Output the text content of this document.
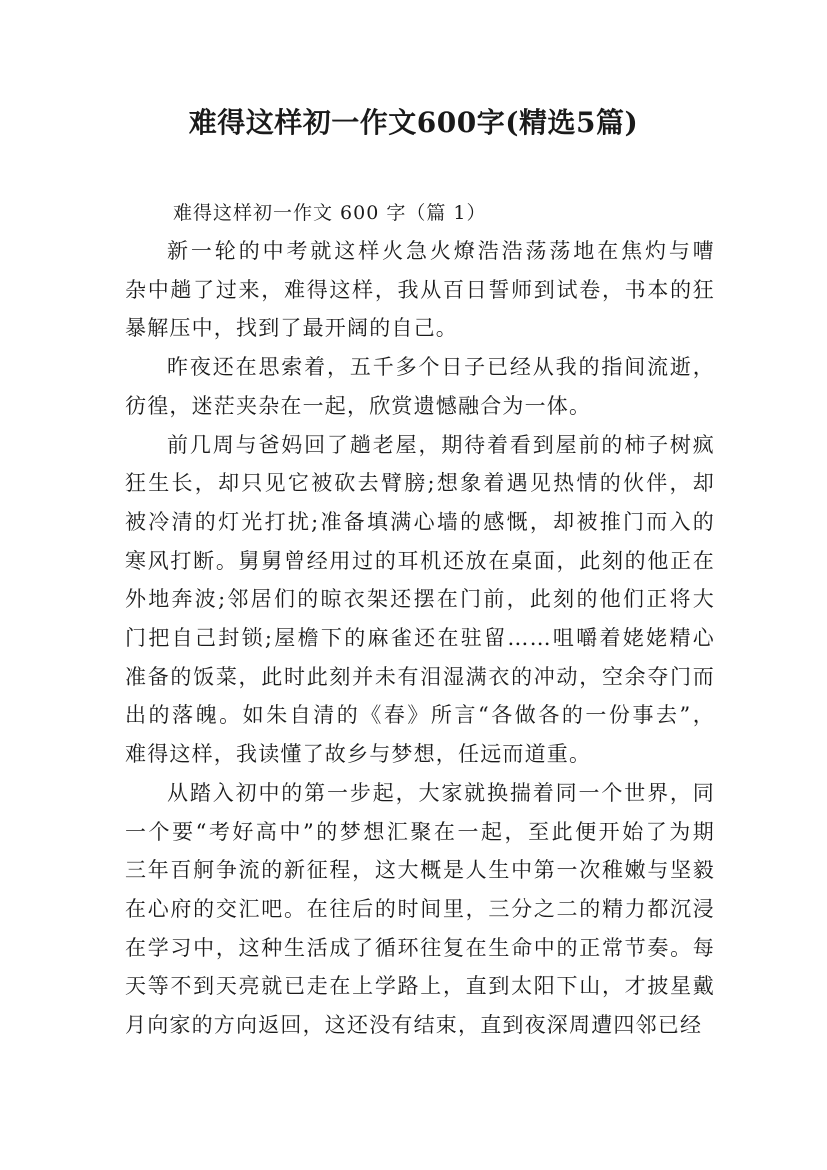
难得这样初一作文600字(精选5篇)

难得这样初一作文 600 字（篇 1）

新一轮的中考就这样火急火燎浩浩荡荡地在焦灼与嘈
杂中趟了过来，难得这样，我从百日誓师到试卷，书本的狂
暴解压中，找到了最开阔的自己。

昨夜还在思索着，五千多个日子已经从我的指间流逝，
彷徨，迷茫夹杂在一起，欣赏遗憾融合为一体。

前几周与爸妈回了趟老屋，期待着看到屋前的柿子树疯
狂生长，却只见它被砍去臂膀;想象着遇见热情的伙伴，却
被冷清的灯光打扰;准备填满心墙的感慨，却被推门而入的
寒风打断。舅舅曾经用过的耳机还放在桌面，此刻的他正在
外地奔波;邻居们的晾衣架还摆在门前，此刻的他们正将大
门把自己封锁;屋檐下的麻雀还在驻留……咀嚼着姥姥精心
准备的饭菜，此时此刻并未有泪湿满衣的冲动，空余夺门而
出的落魄。如朱自清的《春》所言“各做各的一份事去”，
难得这样，我读懂了故乡与梦想，任远而道重。

从踏入初中的第一步起，大家就换揣着同一个世界，同
一个要“考好高中”的梦想汇聚在一起，至此便开始了为期
三年百舸争流的新征程，这大概是人生中第一次稚嫩与坚毅
在心府的交汇吧。在往后的时间里，三分之二的精力都沉浸
在学习中，这种生活成了循环往复在生命中的正常节奏。每
天等不到天亮就已走在上学路上，直到太阳下山，才披星戴
月向家的方向返回，这还没有结束，直到夜深周遭四邻已经
